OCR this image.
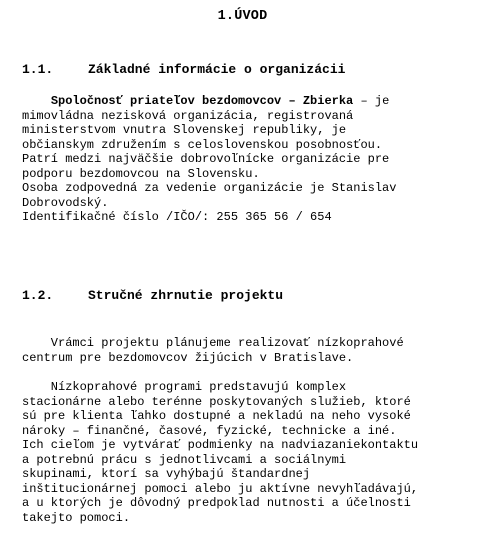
1.ÚVOD
1.1.	Základné informácie o organizácii
Spoločnosť priateľov bezdomovcov – Zbierka – je
mimovládna nezisková organizácia, registrovaná
ministerstvom vnutra Slovenskej republiky, je
občianskym združením s celoslovenskou posobnosťou.
Patrí medzi najväčšie dobrovoľnícke organizácie pre
podporu bezdomovcou na Slovensku.
Osoba zodpovedná za vedenie organizácie je Stanislav
Dobrovodský.
Identifikačné číslo /IČO/: 255 365 56 / 654
1.2.	Stručné zhrnutie projektu
Vrámci projektu plánujeme realizovať nízkoprahové
centrum pre bezdomovcov žijúcich v Bratislave.
Nízkoprahové programi predstavujú komplex
stacionárne alebo terénne poskytovaných služieb, ktoré
sú pre klienta ľahko dostupné a nekladú na neho vysoké
nároky – finančné, časové, fyzické, technicke a iné.
Ich cieľom je vytvárať podmienky na nadviazaniekontaktu
a potrebnú prácu s jednotlivcami a sociálnymi
skupinami, ktorí sa vyhýbajú štandardnej
inštitucionárnej pomoci alebo ju aktívne nevyhľadávajú,
a u ktorých je dôvodný predpoklad nutnosti a účelnosti
takejto pomoci.
